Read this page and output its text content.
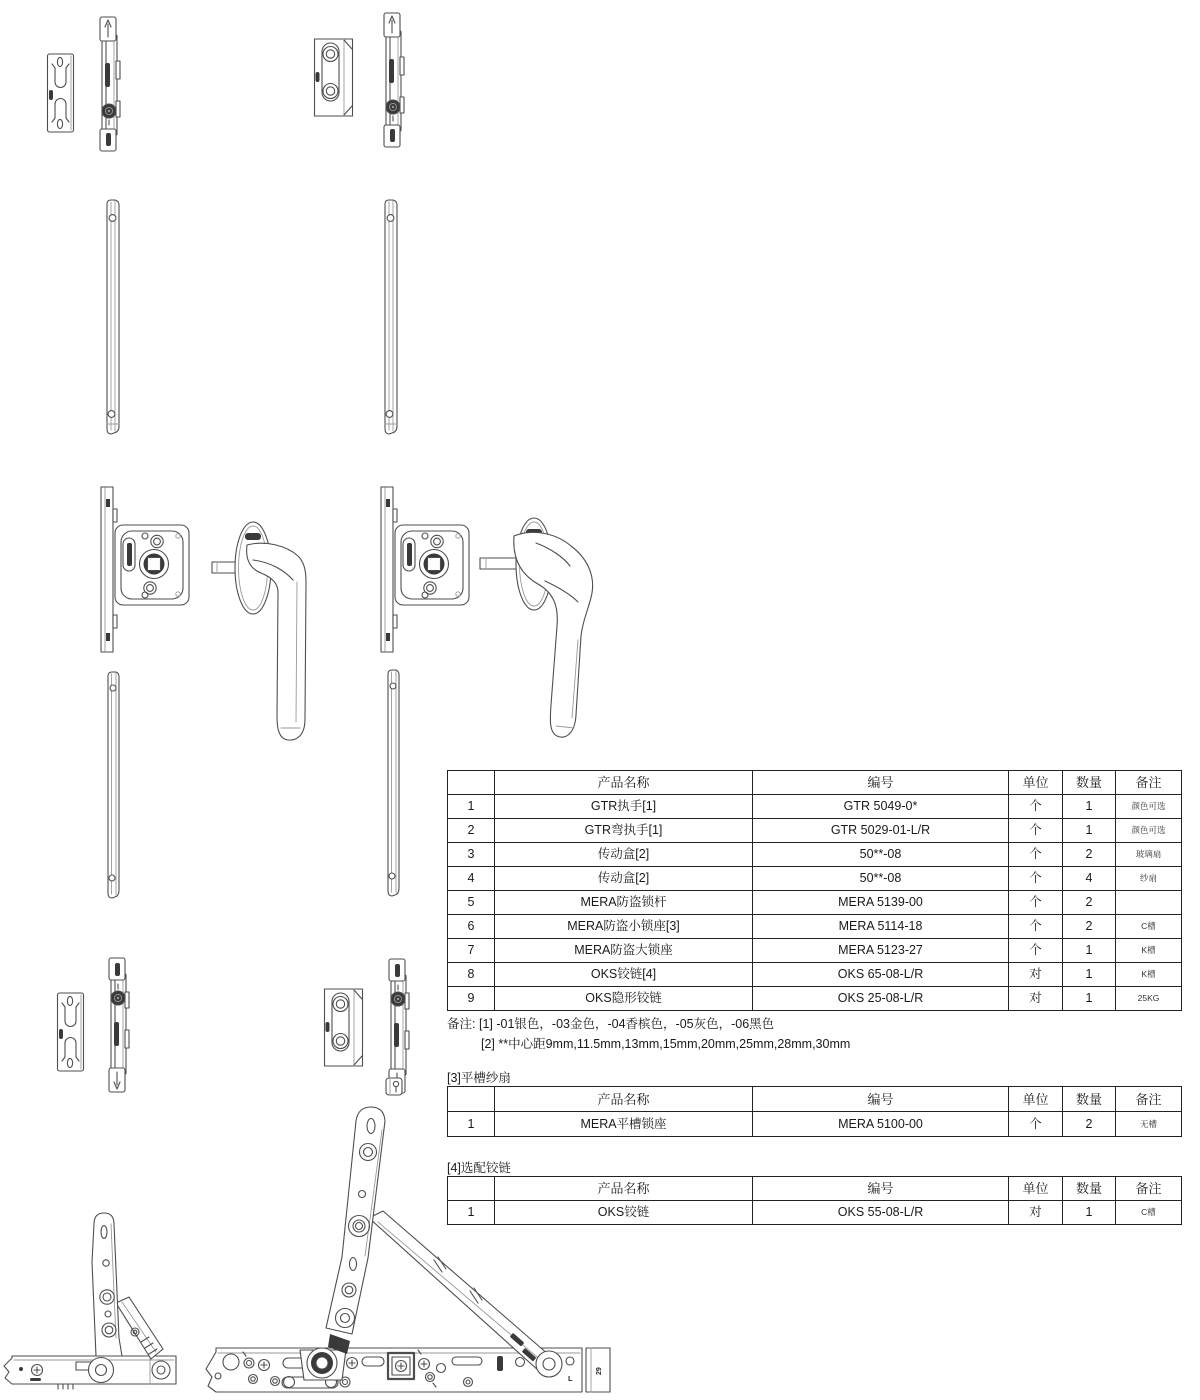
29
L
	产品名称	编号	单位	数量	备注
1	GTR执手[1]	GTR 5049-0*	个	1	颜色可选
2	GTR弯执手[1]	GTR 5029-01-L/R	个	1	颜色可选
3	传动盒[2]	50**-08	个	2	玻璃扇
4	传动盒[2]	50**-08	个	4	纱扇
5	MERA防盗锁杆	MERA 5139-00	个	2	
6	MERA防盗小锁座[3]	MERA 5114-18	个	2	C槽
7	MERA防盗大锁座	MERA 5123-27	个	1	K槽
8	OKS铰链[4]	OKS 65-08-L/R	对	1	K槽
9	OKS隐形铰链	OKS 25-08-L/R	对	1	25KG
备注: [1] -01银色，-03金色，-04香槟色，-05灰色，-06黑色
[2] **中心距9mm,11.5mm,13mm,15mm,20mm,25mm,28mm,30mm
[3]平槽纱扇
	产品名称	编号	单位	数量	备注
1	MERA平槽锁座	MERA 5100-00	个	2	无槽
[4]选配铰链
	产品名称	编号	单位	数量	备注
1	OKS铰链	OKS 55-08-L/R	对	1	C槽
